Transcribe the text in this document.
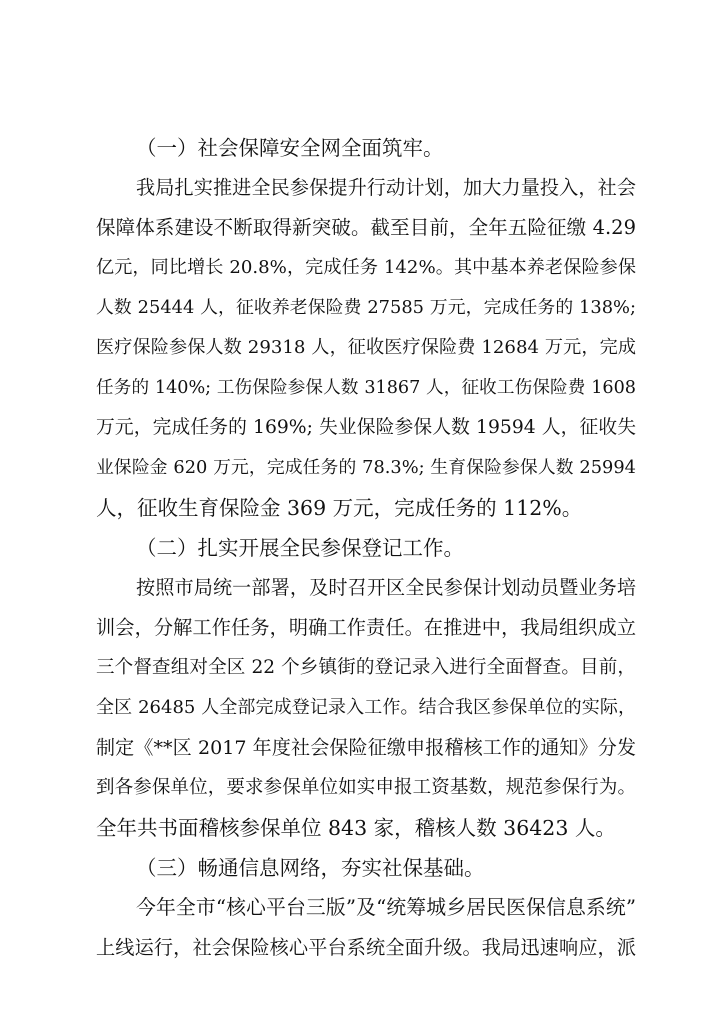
（一）社会保障安全网全面筑牢。
我局扎实推进全民参保提升行动计划，加大力量投入，社会
保障体系建设不断取得新突破。截至目前，全年五险征缴 4.29
亿元，同比增长 20.8%，完成任务 142%。其中基本养老保险参保
人数 25444 人，征收养老保险费 27585 万元，完成任务的 138%;
医疗保险参保人数 29318 人，征收医疗保险费 12684 万元，完成
任务的 140%; 工伤保险参保人数 31867 人，征收工伤保险费 1608
万元，完成任务的 169%; 失业保险参保人数 19594 人，征收失
业保险金 620 万元，完成任务的 78.3%; 生育保险参保人数 25994
人，征收生育保险金 369 万元，完成任务的 112%。
（二）扎实开展全民参保登记工作。
按照市局统一部署，及时召开区全民参保计划动员暨业务培
训会，分解工作任务，明确工作责任。在推进中，我局组织成立
三个督查组对全区 22 个乡镇街的登记录入进行全面督查。目前，
全区 26485 人全部完成登记录入工作。结合我区参保单位的实际，
制定《**区 2017 年度社会保险征缴申报稽核工作的通知》分发
到各参保单位，要求参保单位如实申报工资基数，规范参保行为。
全年共书面稽核参保单位 843 家，稽核人数 36423 人。
（三）畅通信息网络，夯实社保基础。
今年全市“核心平台三版”及“统筹城乡居民医保信息系统”
上线运行，社会保险核心平台系统全面升级。我局迅速响应，派
